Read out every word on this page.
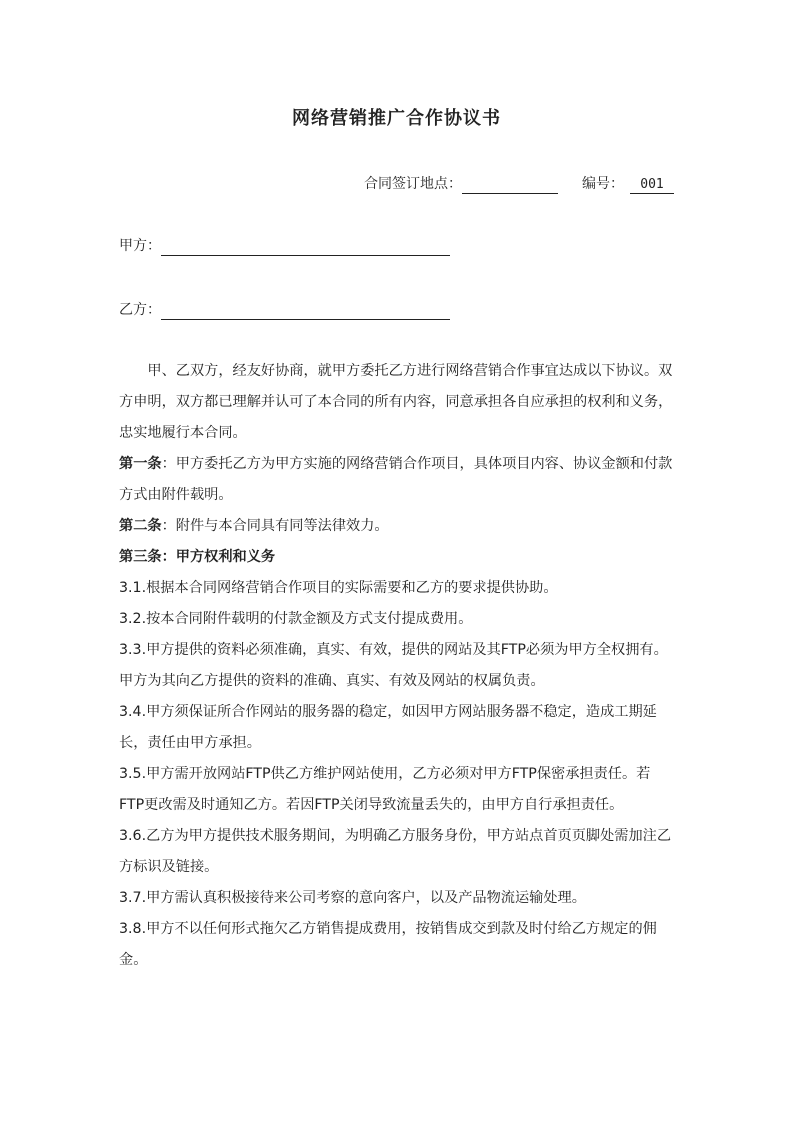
网络营销推广合作协议书
合同签订地点：	编号： 001
甲方：
乙方：

甲、乙双方，经友好协商，就甲方委托乙方进行网络营销合作事宜达成以下协议。双方申明，双方都已理解并认可了本合同的所有内容，同意承担各自应承担的权利和义务，忠实地履行本合同。

第一条：甲方委托乙方为甲方实施的网络营销合作项目，具体项目内容、协议金额和付款方式由附件载明。

第二条：附件与本合同具有同等法律效力。

第三条：甲方权利和义务

3.1.根据本合同网络营销合作项目的实际需要和乙方的要求提供协助。

3.2.按本合同附件载明的付款金额及方式支付提成费用。

3.3.甲方提供的资料必须准确，真实、有效，提供的网站及其FTP必须为甲方全权拥有。甲方为其向乙方提供的资料的准确、真实、有效及网站的权属负责。

3.4.甲方须保证所合作网站的服务器的稳定，如因甲方网站服务器不稳定，造成工期延长，责任由甲方承担。

3.5.甲方需开放网站FTP供乙方维护网站使用，乙方必须对甲方FTP保密承担责任。若FTP更改需及时通知乙方。若因FTP关闭导致流量丢失的，由甲方自行承担责任。

3.6.乙方为甲方提供技术服务期间，为明确乙方服务身份，甲方站点首页页脚处需加注乙方标识及链接。

3.7.甲方需认真积极接待来公司考察的意向客户，以及产品物流运输处理。

3.8.甲方不以任何形式拖欠乙方销售提成费用，按销售成交到款及时付给乙方规定的佣金。
